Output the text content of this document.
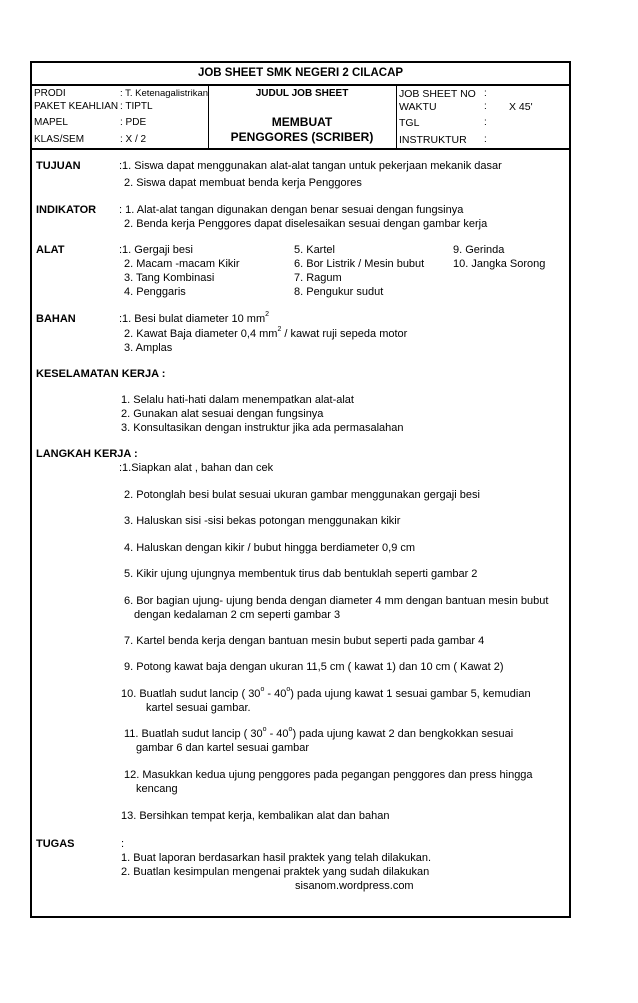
JOB SHEET SMK NEGERI 2 CILACAP
PRODI	: T. Ketenagalistrikan
PAKET KEAHLIAN : TIPTL
MAPEL	: PDE
KLAS/SEM	: X / 2
JUDUL JOB SHEET
MEMBUAT
PENGGORES (SCRIBER)
JOB SHEET NO :
WAKTU	: X 45'
TGL	:
INSTRUKTUR :
TUJUAN	:1. Siswa dapat menggunakan alat-alat tangan untuk pekerjaan mekanik dasar
2. Siswa dapat membuat benda kerja Penggores
INDIKATOR : 1. Alat-alat tangan digunakan dengan benar sesuai dengan fungsinya
2. Benda kerja Penggores dapat diselesaikan sesuai dengan gambar kerja
ALAT	:1. Gergaji besi
2. Macam -macam Kikir
3. Tang Kombinasi
4. Penggaris
5. Kartel
6. Bor Listrik / Mesin bubut
7. Ragum
8. Pengukur sudut
9. Gerinda
10. Jangka Sorong
BAHAN	:1. Besi bulat diameter 10 $mm^2$
2. Kawat Baja diameter 0,4 $mm^2$ / kawat ruji sepeda motor
3. Amplas
KESELAMATAN KERJA :
1. Selalu hati-hati dalam menempatkan alat-alat
2. Gunakan alat sesuai dengan fungsinya
3. Konsultasikan dengan instruktur jika ada permasalahan
LANGKAH KERJA :
:1.Siapkan alat , bahan dan cek
2. Potonglah besi bulat sesuai ukuran gambar menggunakan gergaji besi
3. Haluskan sisi -sisi bekas potongan menggunakan kikir
4. Haluskan dengan kikir / bubut hingga berdiameter 0,9 cm
5. Kikir ujung ujungnya membentuk tirus dab bentuklah seperti gambar 2
6. Bor bagian ujung- ujung benda dengan diameter 4 mm dengan bantuan mesin bubut
dengan kedalaman 2 cm seperti gambar 3
7. Kartel benda kerja dengan bantuan mesin bubut seperti pada gambar 4
9. Potong kawat baja dengan ukuran 11,5 cm ( kawat 1) dan 10 cm ( Kawat 2)
10. Buatlah sudut lancip ( 30$^o$ - 40$^o$) pada ujung kawat 1 sesuai gambar 5, kemudian
kartel sesuai gambar.
11. Buatlah sudut lancip ( 30$^o$ - 40$^o$) pada ujung kawat 2 dan bengkokkan sesuai
gambar 6 dan kartel sesuai gambar
12. Masukkan kedua ujung penggores pada pegangan penggores dan press hingga
kencang
13. Bersihkan tempat kerja, kembalikan alat dan bahan
TUGAS	:
1. Buat laporan berdasarkan hasil praktek yang telah dilakukan.
2. Buatlan kesimpulan mengenai praktek yang sudah dilakukan
sisanom.wordpress.com
